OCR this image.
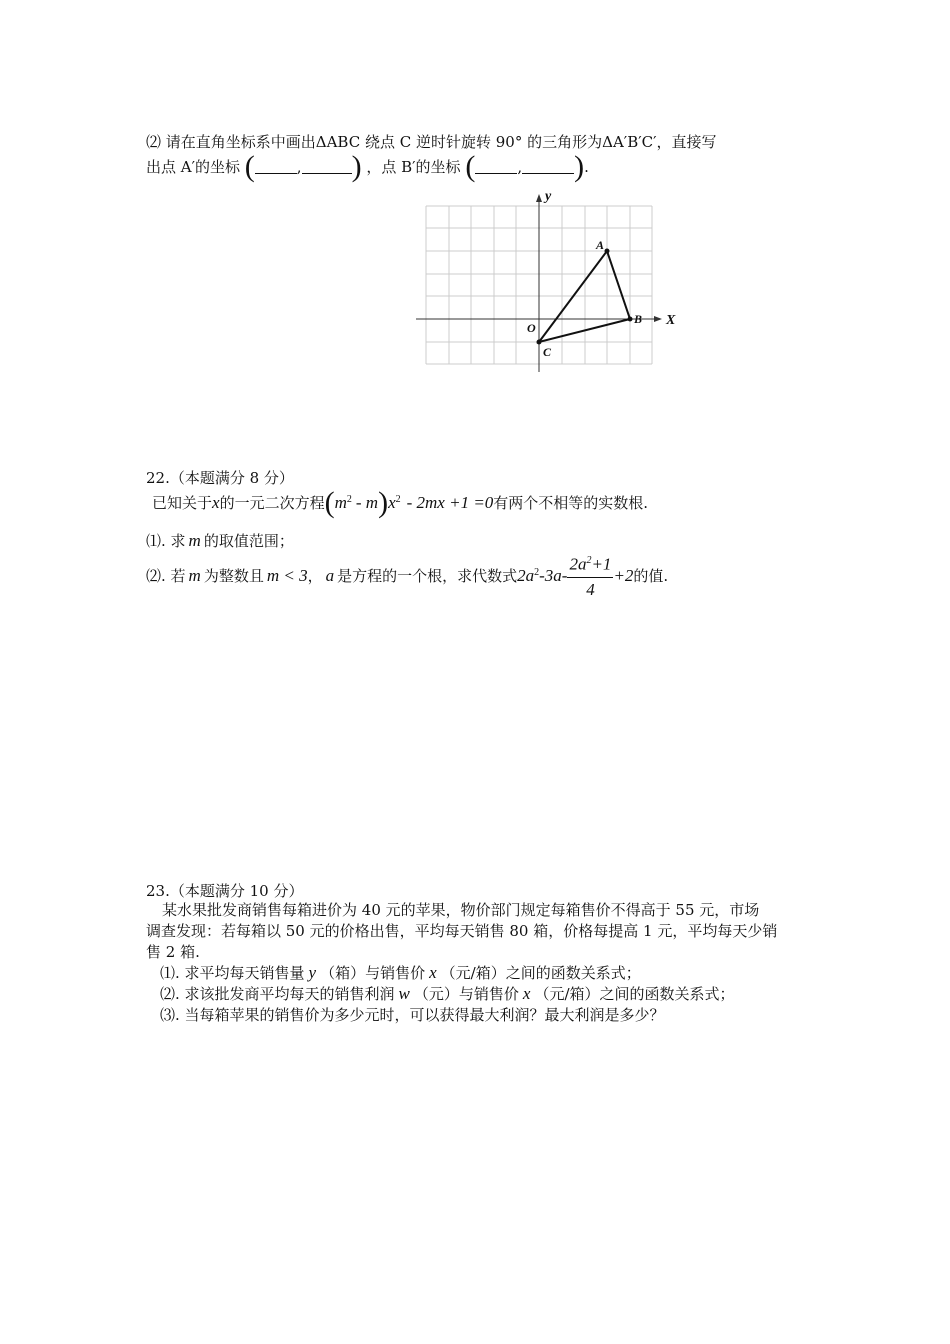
⑵ 请在直角坐标系中画出ΔABC 绕点 C 逆时针旋转 90° 的三角形为ΔA′B′C′，直接写
出点 A′的坐标 (	, ) ，点 B′的坐标 (	, ).
y
X
O
A
B
C
22.（本题满分 8 分）
已知关于x的一元二次方程$(m^2 - m)x^2 - 2mx +1 =0$有两个不相等的实数根.
⑴. 求 m 的取值范围；
⑵. 若 m 为整数且 m < 3， a 是方程的一个根，求代数式$2a^2-3a- \frac{2a^2+1}{4} +2$的值.
23.（本题满分 10 分）
某水果批发商销售每箱进价为 40 元的苹果，物价部门规定每箱售价不得高于 55 元，市场
调查发现：若每箱以 50 元的价格出售，平均每天销售 80 箱，价格每提高 1 元，平均每天少销
售 2 箱.
⑴. 求平均每天销售量 y （箱）与销售价 x （元/箱）之间的函数关系式；
⑵. 求该批发商平均每天的销售利润 w （元）与销售价 x （元/箱）之间的函数关系式；
⑶. 当每箱苹果的销售价为多少元时，可以获得最大利润？最大利润是多少？
